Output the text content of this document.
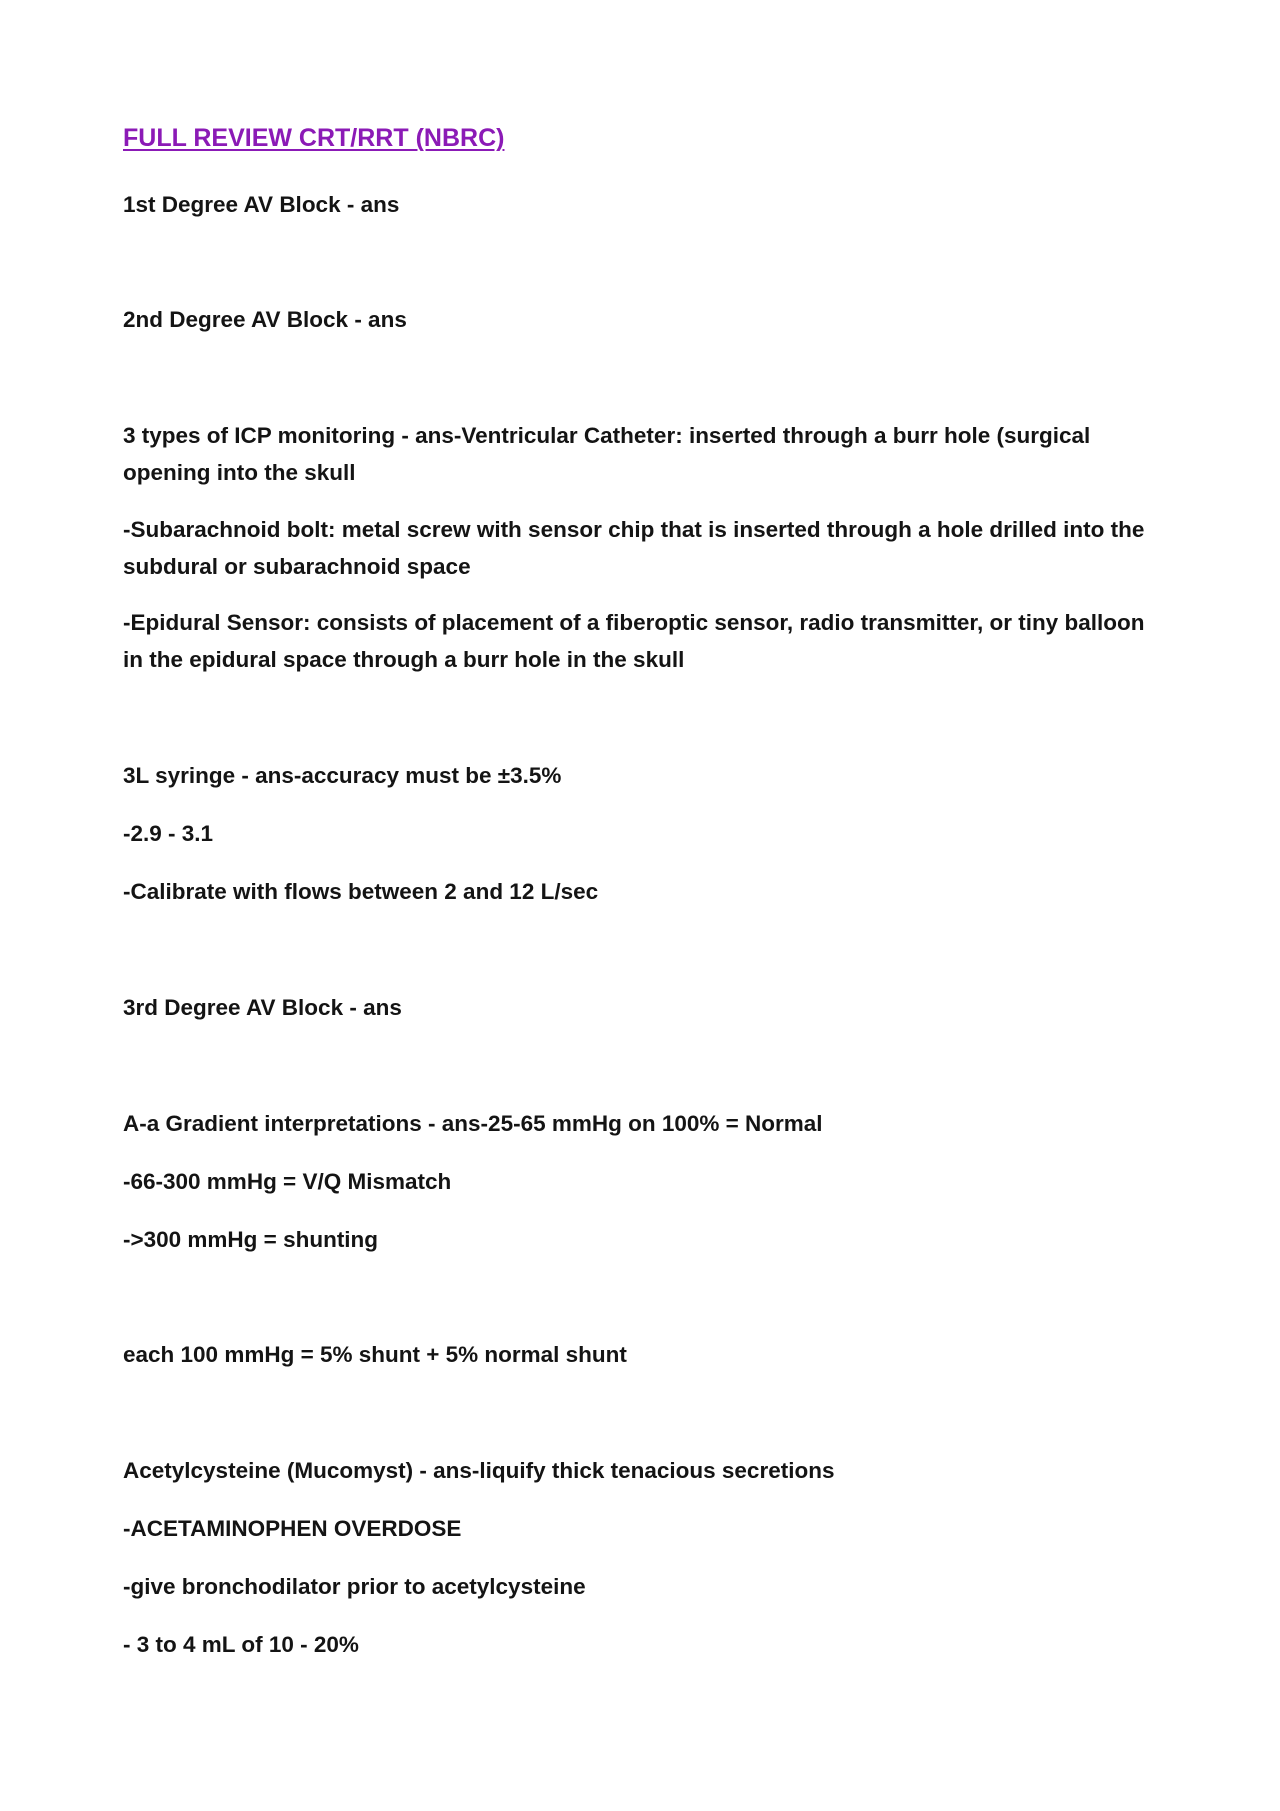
FULL REVIEW CRT/RRT (NBRC)

1st Degree AV Block - ans

2nd Degree AV Block - ans

3 types of ICP monitoring - ans-Ventricular Catheter: inserted through a burr hole (surgical opening into the skull

-Subarachnoid bolt: metal screw with sensor chip that is inserted through a hole drilled into the subdural or subarachnoid space

-Epidural Sensor: consists of placement of a fiberoptic sensor, radio transmitter, or tiny balloon in the epidural space through a burr hole in the skull

3L syringe - ans-accuracy must be ±3.5%

-2.9 - 3.1

-Calibrate with flows between 2 and 12 L/sec

3rd Degree AV Block - ans

A-a Gradient interpretations - ans-25-65 mmHg on 100% = Normal

-66-300 mmHg = V/Q Mismatch

->300 mmHg = shunting

each 100 mmHg = 5% shunt + 5% normal shunt

Acetylcysteine (Mucomyst) - ans-liquify thick tenacious secretions

-ACETAMINOPHEN OVERDOSE

-give bronchodilator prior to acetylcysteine

- 3 to 4 mL of 10 - 20%
